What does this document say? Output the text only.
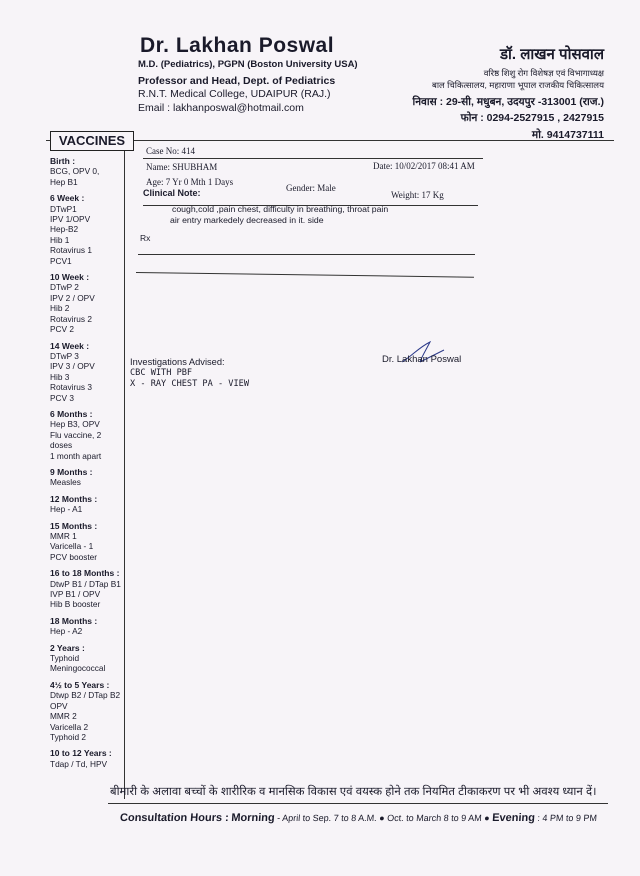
Dr. Lakhan Poswal
M.D. (Pediatrics), PGPN (Boston University USA)
Professor and Head, Dept. of Pediatrics
R.N.T. Medical College, UDAIPUR (RAJ.)
Email : lakhanposwal@hotmail.com
डॉ. लाखन पोसवाल
वरिष्ठ शिशु रोग विशेषज्ञ एवं विभागाध्यक्ष
बाल चिकित्सालय, महाराणा भूपाल राजकीय चिकित्सालय
निवास : 29-सी, मधुबन, उदयपुर -313001 (राज.)
फोन : 0294-2527915 , 2427915
मो. 9414737111
VACCINES
Birth :
BCG, OPV 0,
Hep B1
6 Week :
DTwP1
IPV 1/OPV
Hep-B2
Hib 1
Rotavirus 1
PCV1
10 Week :
DTwP 2
IPV 2 / OPV
Hib 2
Rotavirus 2
PCV 2
14 Week :
DTwP 3
IPV 3 / OPV
Hib 3
Rotavirus 3
PCV 3
6 Months :
Hep B3, OPV
Flu vaccine, 2 doses
1 month apart
9 Months :
Measles
12 Months :
Hep - A1
15 Months :
MMR 1
Varicella - 1
PCV booster
16 to 18 Months :
DtwP B1 / DTap B1
IVP B1 / OPV
Hib B booster
18 Months :
Hep - A2
2 Years :
Typhoid
Meningococcal
4½ to 5 Years :
Dtwp B2 / DTap B2
OPV
MMR 2
Varicella 2
Typhoid 2
10 to 12 Years :
Tdap / Td, HPV
Case No: 414
Name: SHUBHAM	Date: 10/02/2017 08:41 AM
Age: 7 Yr 0 Mth 1 Days
Gender: Male
Weight: 17 Kg
Clinical Note:
cough,cold ,pain chest, difficulty in breathing, throat pain
air entry markedely decreased in it. side
Rx
Dr. Lakhan Poswal
Investigations Advised:
CBC WITH PBF
X - RAY CHEST PA - VIEW
बीमारी के अलावा बच्चों के शारीरिक व मानसिक विकास एवं वयस्क होने तक नियमित टीकाकरण पर भी अवश्य ध्यान दें।
Consultation Hours : Morning - April to Sep. 7 to 8 A.M. ● Oct. to March 8 to 9 AM ● Evening : 4 PM to 9 PM
